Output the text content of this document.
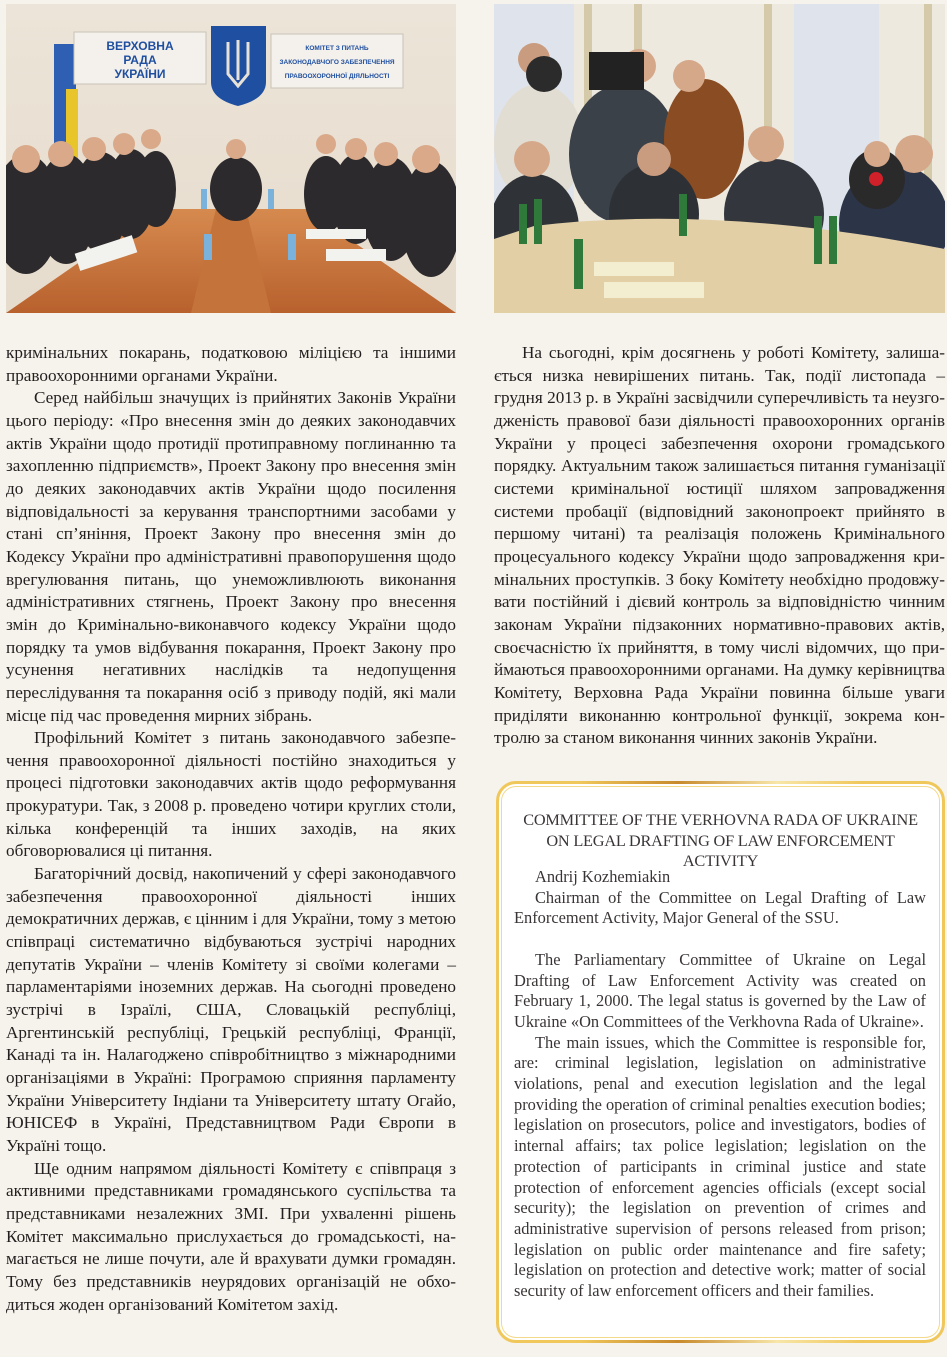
ВЕРХОВНА
РАДА
УКРАЇНИ
КОМІТЕТ З ПИТАНЬ
ЗАКОНОДАВЧОГО ЗАБЕЗПЕЧЕННЯ
ПРАВООХОРОННОЇ ДІЯЛЬНОСТІ

кримінальних покарань, податковою міліцією та іншими правоохоронними органами України.

Серед найбільш значущих із прийнятих Законів України цього періоду: «Про внесення змін до деяких законодавчих актів України щодо протидії протиправному поглинанню та захопленню підприємств», Проект Закону про внесення змін до деяких законодавчих актів України щодо посилення відповідальності за керування транспортними засобами у стані сп’яніння, Проект Закону про внесення змін до Кодексу України про адміністративні правопорушення щодо врегулювання питань, що унеможливлюють виконання адміністративних стягнень, Проект Закону про внесення змін до Кримінально-виконавчого кодексу України щодо порядку та умов відбування покарання, Проект Закону про усунення негативних наслідків та недопущення переслідування та покарання осіб з приводу подій, які мали місце під час проведення мирних зібрань.

Профільний Комітет з питань законодавчого забезпечення правоохоронної діяльності постійно знаходиться у процесі підготовки законодавчих актів щодо реформування прокуратури. Так, з 2008 р. проведено чотири круглих столи, кілька конференцій та інших заходів, на яких обговорювалися ці питання.

Багаторічний досвід, накопичений у сфері законодавчого забезпечення правоохоронної діяльності інших демократичних держав, є цінним і для України, тому з метою співпраці систематично відбуваються зустрічі народних депутатів України – членів Комітету зі своїми колегами – парламентаріями іноземних держав. На сьогодні проведено зустрічі в Ізраїлі, США, Словацькій республіці, Аргентинській республіці, Грецькій республіці, Франції, Канаді та ін. Налагоджено співробітництво з міжнародними організаціями в Україні: Програмою сприяння парламенту України Університету Індіани та Університету штату Огайо, ЮНІСЕФ в Україні, Представництвом Ради Європи в Україні тощо.

Ще одним напрямом діяльності Комітету є співпраця з активними представниками громадянського суспільства та представниками незалежних ЗМІ. При ухваленні рішень Комітет максимально прислухається до громадськості, намагається не лише почути, але й врахувати думки громадян. Тому без представників неурядових організацій не обходиться жоден організований Комітетом захід.

На сьогодні, крім досягнень у роботі Комітету, залишається низка невирішених питань. Так, події листопада – грудня 2013 р. в Україні засвідчили суперечливість та неузгодженість правової бази діяльності правоохоронних органів України у процесі забезпечення охорони громадського порядку. Актуальним також залишається питання гуманізації системи кримінальної юстиції шляхом запровадження системи пробації (відповідний законопроект прийнято в першому читані) та реалізація положень Кримінального процесуального кодексу України щодо запровадження кримінальних проступків. З боку Комітету необхідно продовжувати постійний і дієвий контроль за відповідністю чинним законам України підзаконних нормативно-правових актів, своєчасністю їх прийняття, в тому числі відомчих, що приймаються правоохоронними органами. На думку керівництва Комітету, Верховна Рада України повинна більше уваги приділяти виконанню контрольної функції, зокрема контролю за станом виконання чинних законів України.

COMMITTEE OF THE VERHOVNA RADA OF UKRAINE
ON LEGAL DRAFTING OF LAW ENFORCEMENT ACTIVITY

Andrij Kozhemiakin

Chairman of the Committee on Legal Drafting of Law Enforcement Activity, Major General of the SSU.

The Parliamentary Committee of Ukraine on Legal Drafting of Law Enforcement Activity was created on February 1, 2000. The legal status is governed by the Law of Ukraine «On Committees of the Verkhovna Rada of Ukraine».

The main issues, which the Committee is responsible for, are: criminal legislation, legislation on administrative violations, penal and execution legislation and the legal providing the operation of criminal penalties execution bodies; legislation on prosecutors, police and investigators, bodies of internal affairs; tax police legislation; legislation on the protection of participants in criminal justice and state protection of enforcement agencies officials (except social security); the legislation on prevention of crimes and administrative supervision of persons released from prison; legislation on public order maintenance and fire safety; legislation on protection and detective work; matter of social security of law enforcement officers and their families.
